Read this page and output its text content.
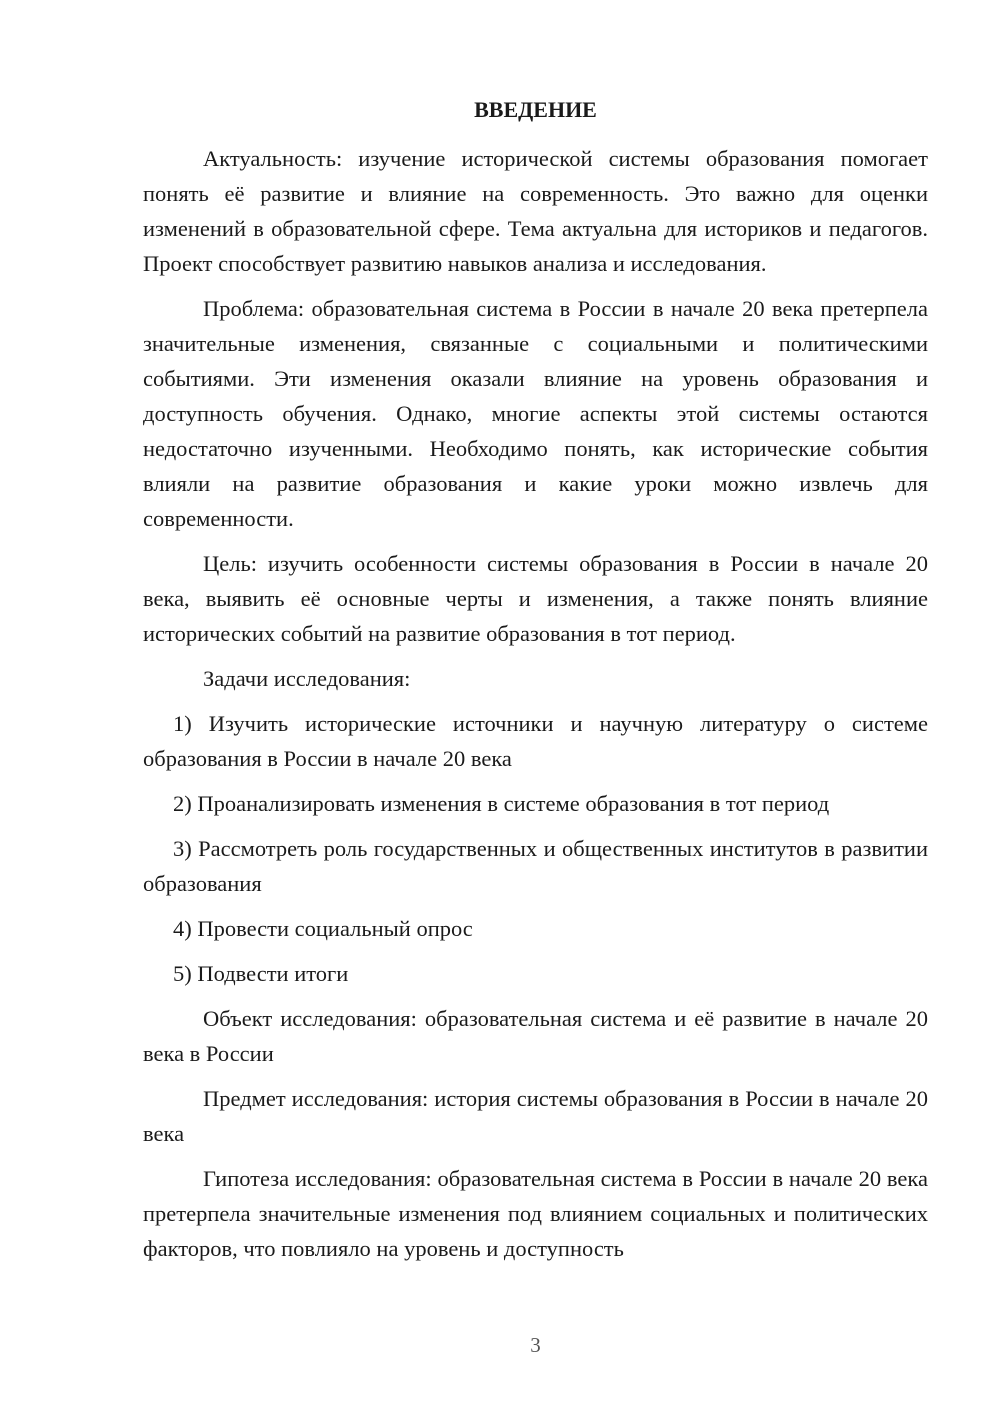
ВВЕДЕНИЕ

Актуальность: изучение исторической системы образования помогает понять её развитие и влияние на современность. Это важно для оценки изменений в образовательной сфере. Тема актуальна для историков и педагогов. Проект способствует развитию навыков анализа и исследования.

Проблема: образовательная система в России в начале 20 века претерпела значительные изменения, связанные с социальными и политическими событиями. Эти изменения оказали влияние на уровень образования и доступность обучения. Однако, многие аспекты этой системы остаются недостаточно изученными. Необходимо понять, как исторические события влияли на развитие образования и какие уроки можно извлечь для современности.

Цель: изучить особенности системы образования в России в начале 20 века, выявить её основные черты и изменения, а также понять влияние исторических событий на развитие образования в тот период.

Задачи исследования:

1) Изучить исторические источники и научную литературу о системе образования в России в начале 20 века

2) Проанализировать изменения в системе образования в тот период

3) Рассмотреть роль государственных и общественных институтов в развитии образования

4) Провести социальный опрос

5) Подвести итоги

Объект исследования: образовательная система и её развитие в начале 20 века в России

Предмет исследования: история системы образования в России в начале 20 века

Гипотеза исследования: образовательная система в России в начале 20 века претерпела значительные изменения под влиянием социальных и политических факторов, что повлияло на уровень и доступность

3
